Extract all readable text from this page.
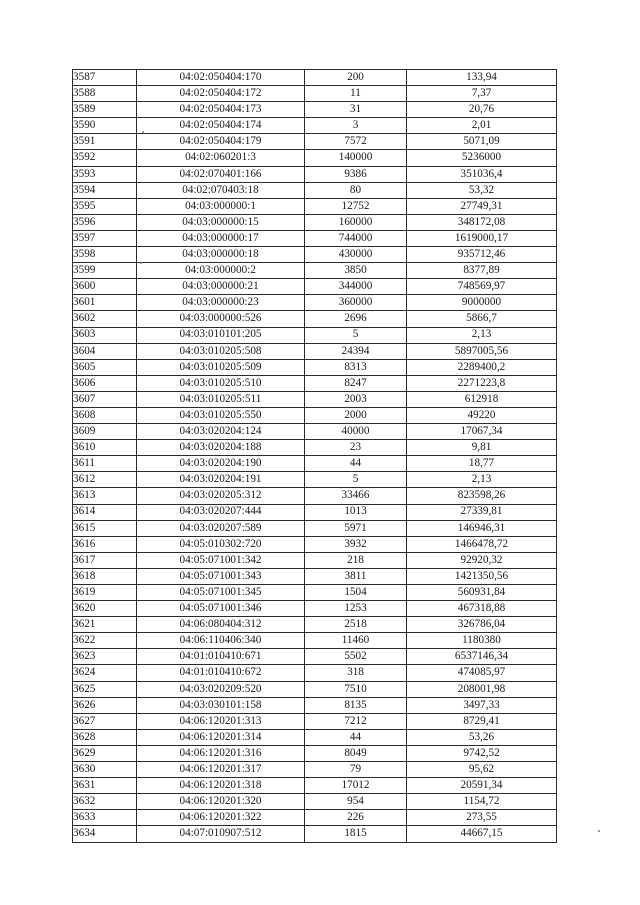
3587	04:02:050404:170	200	133,94
3588	04:02:050404:172	11	7,37
3589	04:02:050404:173	31	20,76
3590	04:02:050404:174	3	2,01
3591	04:02:050404:179	7572	5071,09
3592	04:02:060201:3	140000	5236000
3593	04:02:070401:166	9386	351036,4
3594	04:02:070403:18	80	53,32
3595	04:03:000000:1	12752	27749,31
3596	04:03:000000:15	160000	348172,08
3597	04:03:000000:17	744000	1619000,17
3598	04:03:000000:18	430000	935712,46
3599	04:03:000000:2	3850	8377,89
3600	04:03:000000:21	344000	748569,97
3601	04:03:000000:23	360000	9000000
3602	04:03:000000:526	2696	5866,7
3603	04:03:010101:205	5	2,13
3604	04:03:010205:508	24394	5897005,56
3605	04:03:010205:509	8313	2289400,2
3606	04:03:010205:510	8247	2271223,8
3607	04:03:010205:511	2003	612918
3608	04:03:010205:550	2000	49220
3609	04:03:020204:124	40000	17067,34
3610	04:03:020204:188	23	9,81
3611	04:03:020204:190	44	18,77
3612	04:03:020204:191	5	2,13
3613	04:03:020205:312	33466	823598,26
3614	04:03:020207:444	1013	27339,81
3615	04:03:020207:589	5971	146946,31
3616	04:05:010302:720	3932	1466478,72
3617	04:05:071001:342	218	92920,32
3618	04:05:071001:343	3811	1421350,56
3619	04:05:071001:345	1504	560931,84
3620	04:05:071001:346	1253	467318,88
3621	04:06:080404:312	2518	326786,04
3622	04:06:110406:340	11460	1180380
3623	04:01:010410:671	5502	6537146,34
3624	04:01:010410:672	318	474085,97
3625	04:03:020209:520	7510	208001,98
3626	04:03:030101:158	8135	3497,33
3627	04:06:120201:313	7212	8729,41
3628	04:06:120201:314	44	53,26
3629	04:06:120201:316	8049	9742,52
3630	04:06:120201:317	79	95,62
3631	04:06:120201:318	17012	20591,34
3632	04:06:120201:320	954	1154,72
3633	04:06:120201:322	226	273,55
3634	04:07:010907:512	1815	44667,15
